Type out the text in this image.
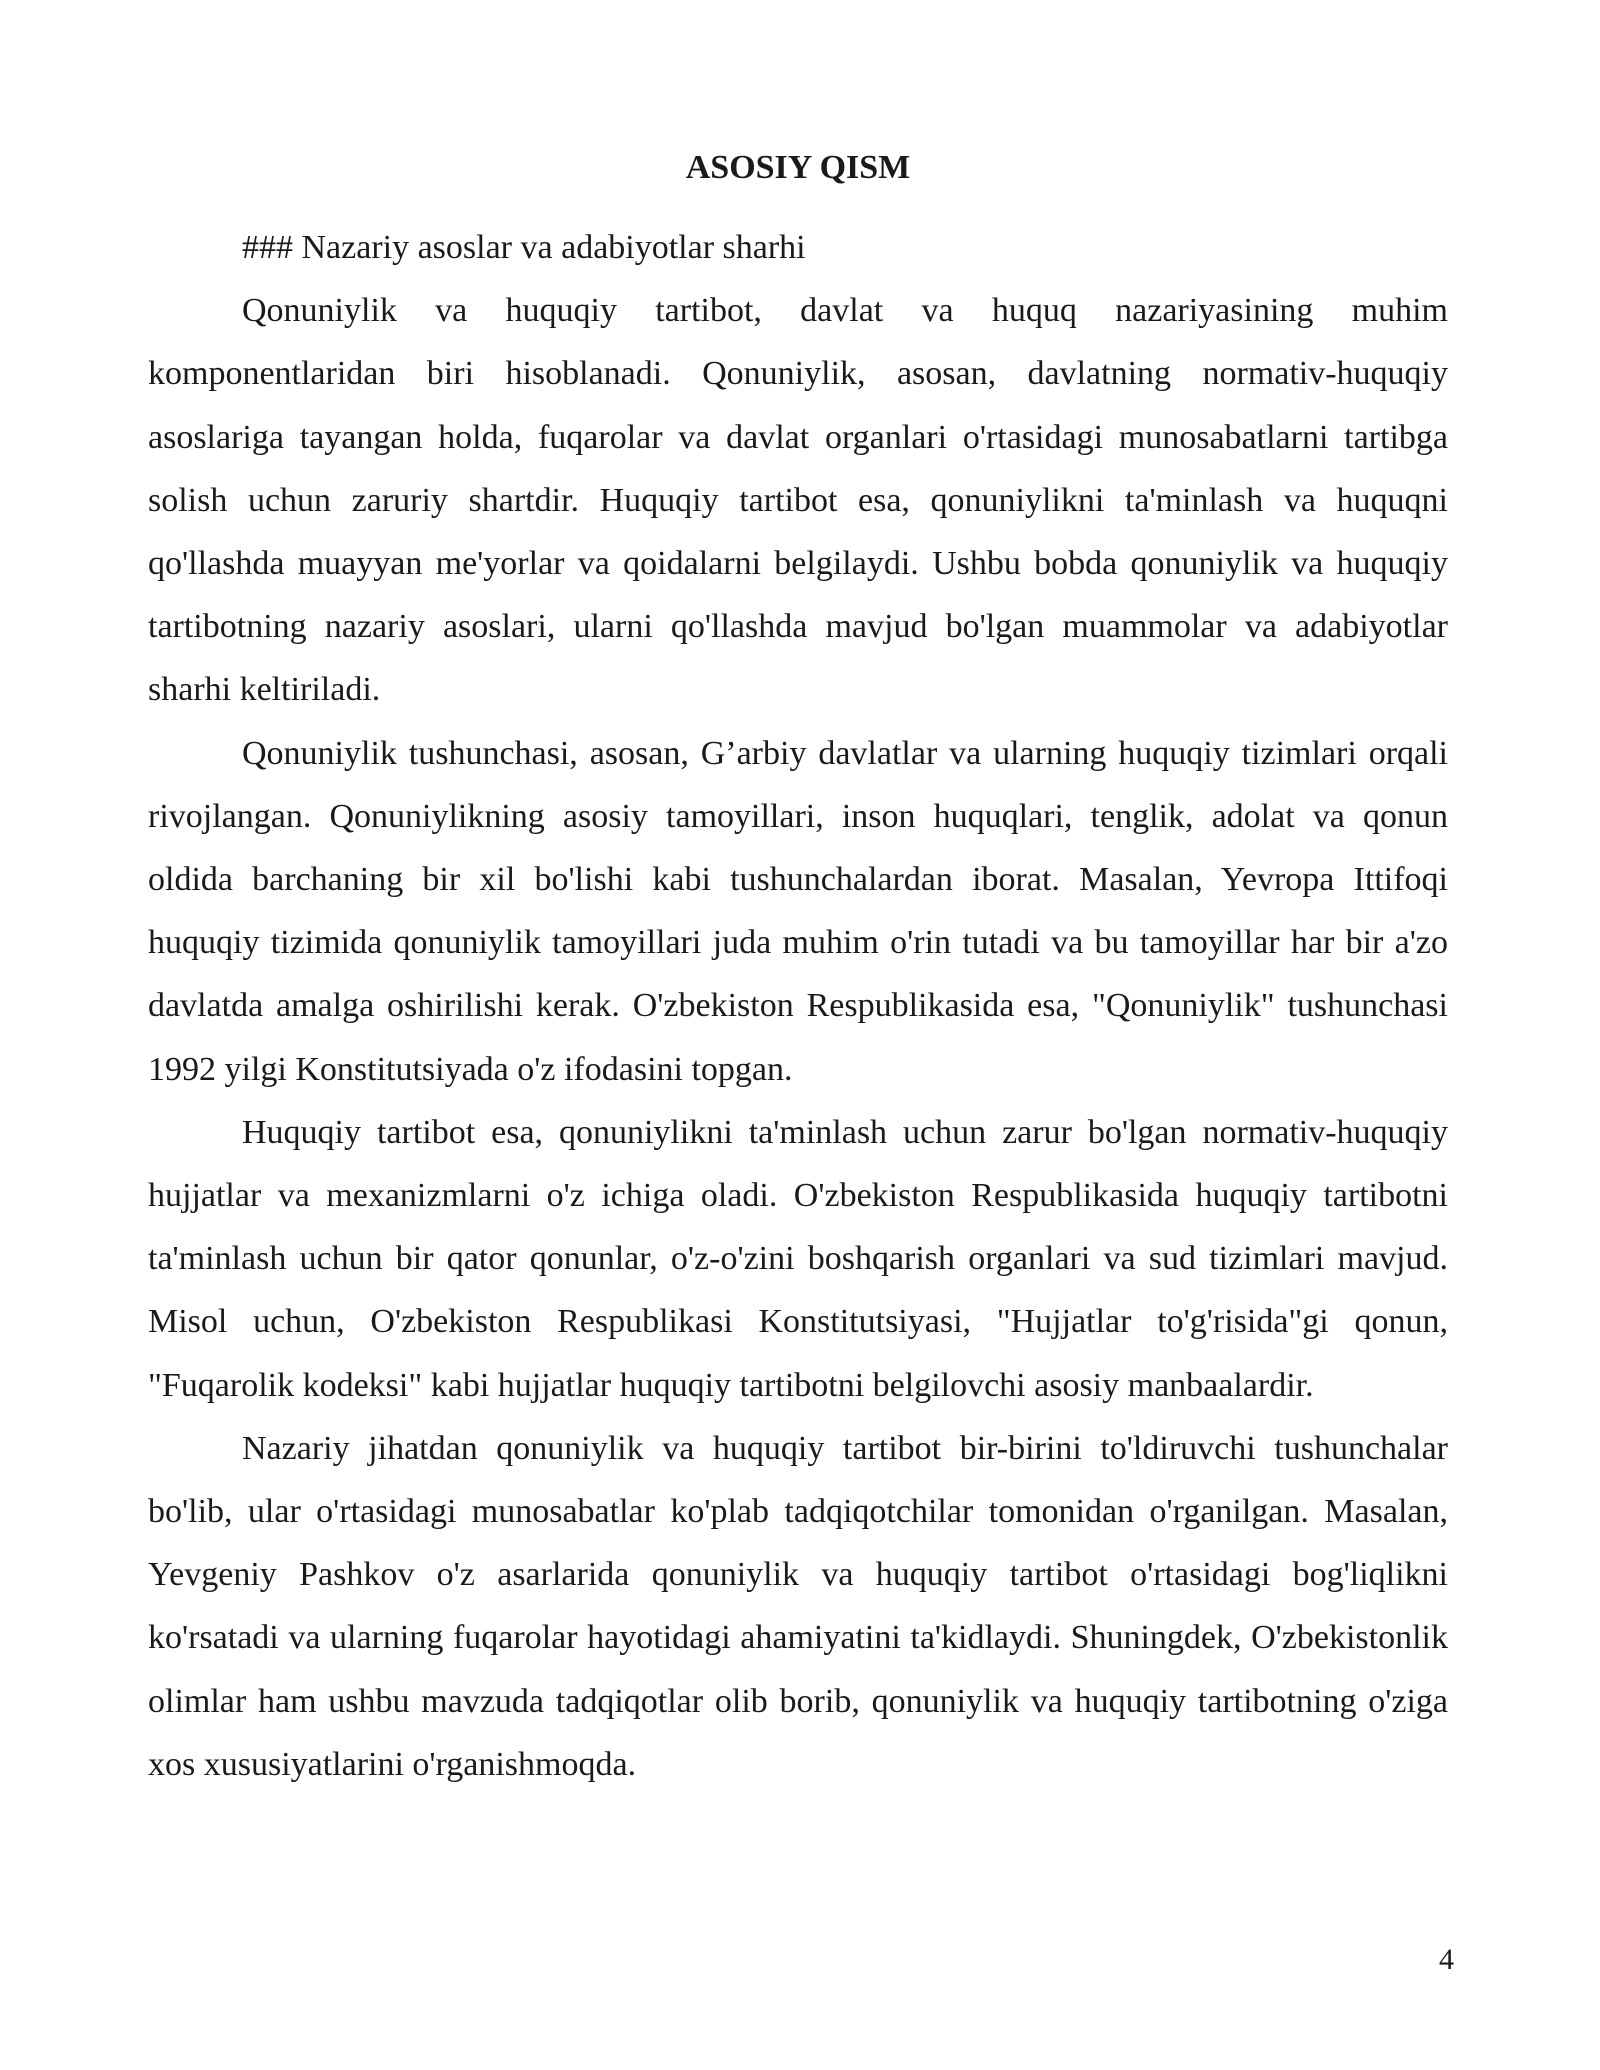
ASOSIY QISM

### Nazariy asoslar va adabiyotlar sharhi

Qonuniylik va huquqiy tartibot, davlat va huquq nazariyasining muhim komponentlaridan biri hisoblanadi. Qonuniylik, asosan, davlatning normativ-huquqiy asoslariga tayangan holda, fuqarolar va davlat organlari o'rtasidagi munosabatlarni tartibga solish uchun zaruriy shartdir. Huquqiy tartibot esa, qonuniylikni ta'minlash va huquqni qo'llashda muayyan me'yorlar va qoidalarni belgilaydi. Ushbu bobda qonuniylik va huquqiy tartibotning nazariy asoslari, ularni qo'llashda mavjud bo'lgan muammolar va adabiyotlar sharhi keltiriladi.

Qonuniylik tushunchasi, asosan, G’arbiy davlatlar va ularning huquqiy tizimlari orqali rivojlangan. Qonuniylikning asosiy tamoyillari, inson huquqlari, tenglik, adolat va qonun oldida barchaning bir xil bo'lishi kabi tushunchalardan iborat. Masalan, Yevropa Ittifoqi huquqiy tizimida qonuniylik tamoyillari juda muhim o'rin tutadi va bu tamoyillar har bir a'zo davlatda amalga oshirilishi kerak. O'zbekiston Respublikasida esa, "Qonuniylik" tushunchasi 1992 yilgi Konstitutsiyada o'z ifodasini topgan.

Huquqiy tartibot esa, qonuniylikni ta'minlash uchun zarur bo'lgan normativ-huquqiy hujjatlar va mexanizmlarni o'z ichiga oladi. O'zbekiston Respublikasida huquqiy tartibotni ta'minlash uchun bir qator qonunlar, o'z-o'zini boshqarish organlari va sud tizimlari mavjud. Misol uchun, O'zbekiston Respublikasi Konstitutsiyasi, "Hujjatlar to'g'risida"gi qonun, "Fuqarolik kodeksi" kabi hujjatlar huquqiy tartibotni belgilovchi asosiy manbaalardir.

Nazariy jihatdan qonuniylik va huquqiy tartibot bir-birini to'ldiruvchi tushunchalar bo'lib, ular o'rtasidagi munosabatlar ko'plab tadqiqotchilar tomonidan o'rganilgan. Masalan, Yevgeniy Pashkov o'z asarlarida qonuniylik va huquqiy tartibot o'rtasidagi bog'liqlikni ko'rsatadi va ularning fuqarolar hayotidagi ahamiyatini ta'kidlaydi. Shuningdek, O'zbekistonlik olimlar ham ushbu mavzuda tadqiqotlar olib borib, qonuniylik va huquqiy tartibotning o'ziga xos xususiyatlarini o'rganishmoqda.

4
